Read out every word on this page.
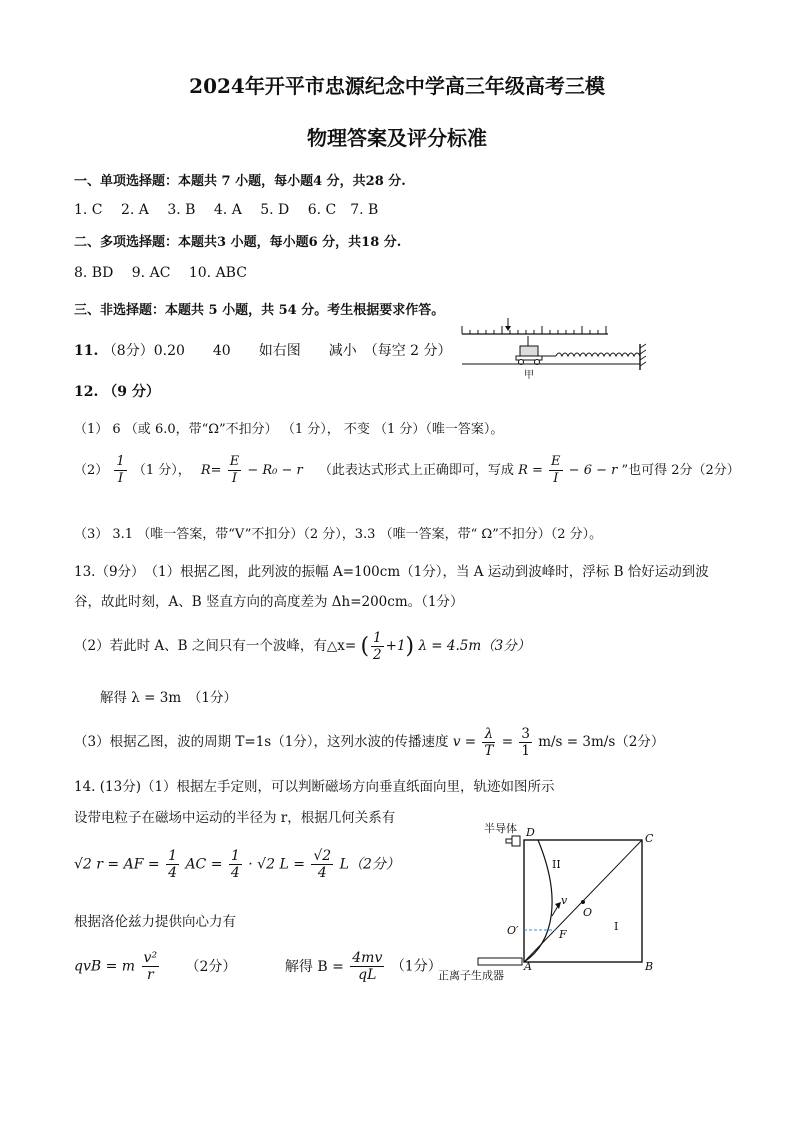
2024年开平市忠源纪念中学高三年级高考三模
物理答案及评分标准
一、单项选择题：本题共 7 小题，每小题4 分，共28 分.
1. C　 2. A　 3. B　 4. A　 5. D　 6. C　7. B
二、多项选择题：本题共3 小题，每小题6 分，共18 分.
8. BD　 9. AC　 10. ABC
三、非选择题：本题共 5 小题，共 54 分。考生根据要求作答。
11. （8分）0.20　　40　　如右图　　减小　（每空 2 分）
甲
12. （9 分）
（1） 6 （或 6.0，带“Ω”不扣分） （1 分）， 不变 （1 分）（唯一答案）。
$(2) \frac{1}{I} (1$ 分）， $R= \frac{E}{I} - R_0 - r$ （此表达式形式上正确即可，写成 $R = \frac{E}{I} - 6 - r$ ”也可得 2分（2分）
（3） 3.1 （唯一答案，带“V”不扣分）（2 分），3.3 （唯一答案，带“ Ω”不扣分）（2 分）。
13.（9分）　（1）根据乙图，此列波的振幅 A=100cm（1分），当 A 运动到波峰时，浮标 B 恰好运动到波
谷，故此时刻，A、B 竖直方向的高度差为 Δh=200cm。（1分）
（2）若此时 A、B 之间只有一个波峰，有△x= ( $\frac{1}{2} +1$) λ = 4.5m（3分）
解得 λ = 3m　（1分）
（3）根据乙图，波的周期 T=1s（1分），这列水波的传播速度 $v = \frac{\lambda}{T} = \frac{3}{1} m/s = 3m/s(2$分）
14. (13分)（1）根据左手定则，可以判断磁场方向垂直纸面向里，轨迹如图所示
设带电粒子在磁场中运动的半径为 r，根据几何关系有
√2 r = AF = $\frac{1}{4}$ AC = $\frac{1}{4} \cdot √2$ $L = \frac{√2}{4} L(2$分）
根据洛伦兹力提供向心力有
qvB = m $\frac{\text{v²}}{r} (2$分）	解得 $B = \frac{4mv}{qL} (1$分）
半导体 D	C
B
A
O
O′	F
v
II
I
正离子生成器
